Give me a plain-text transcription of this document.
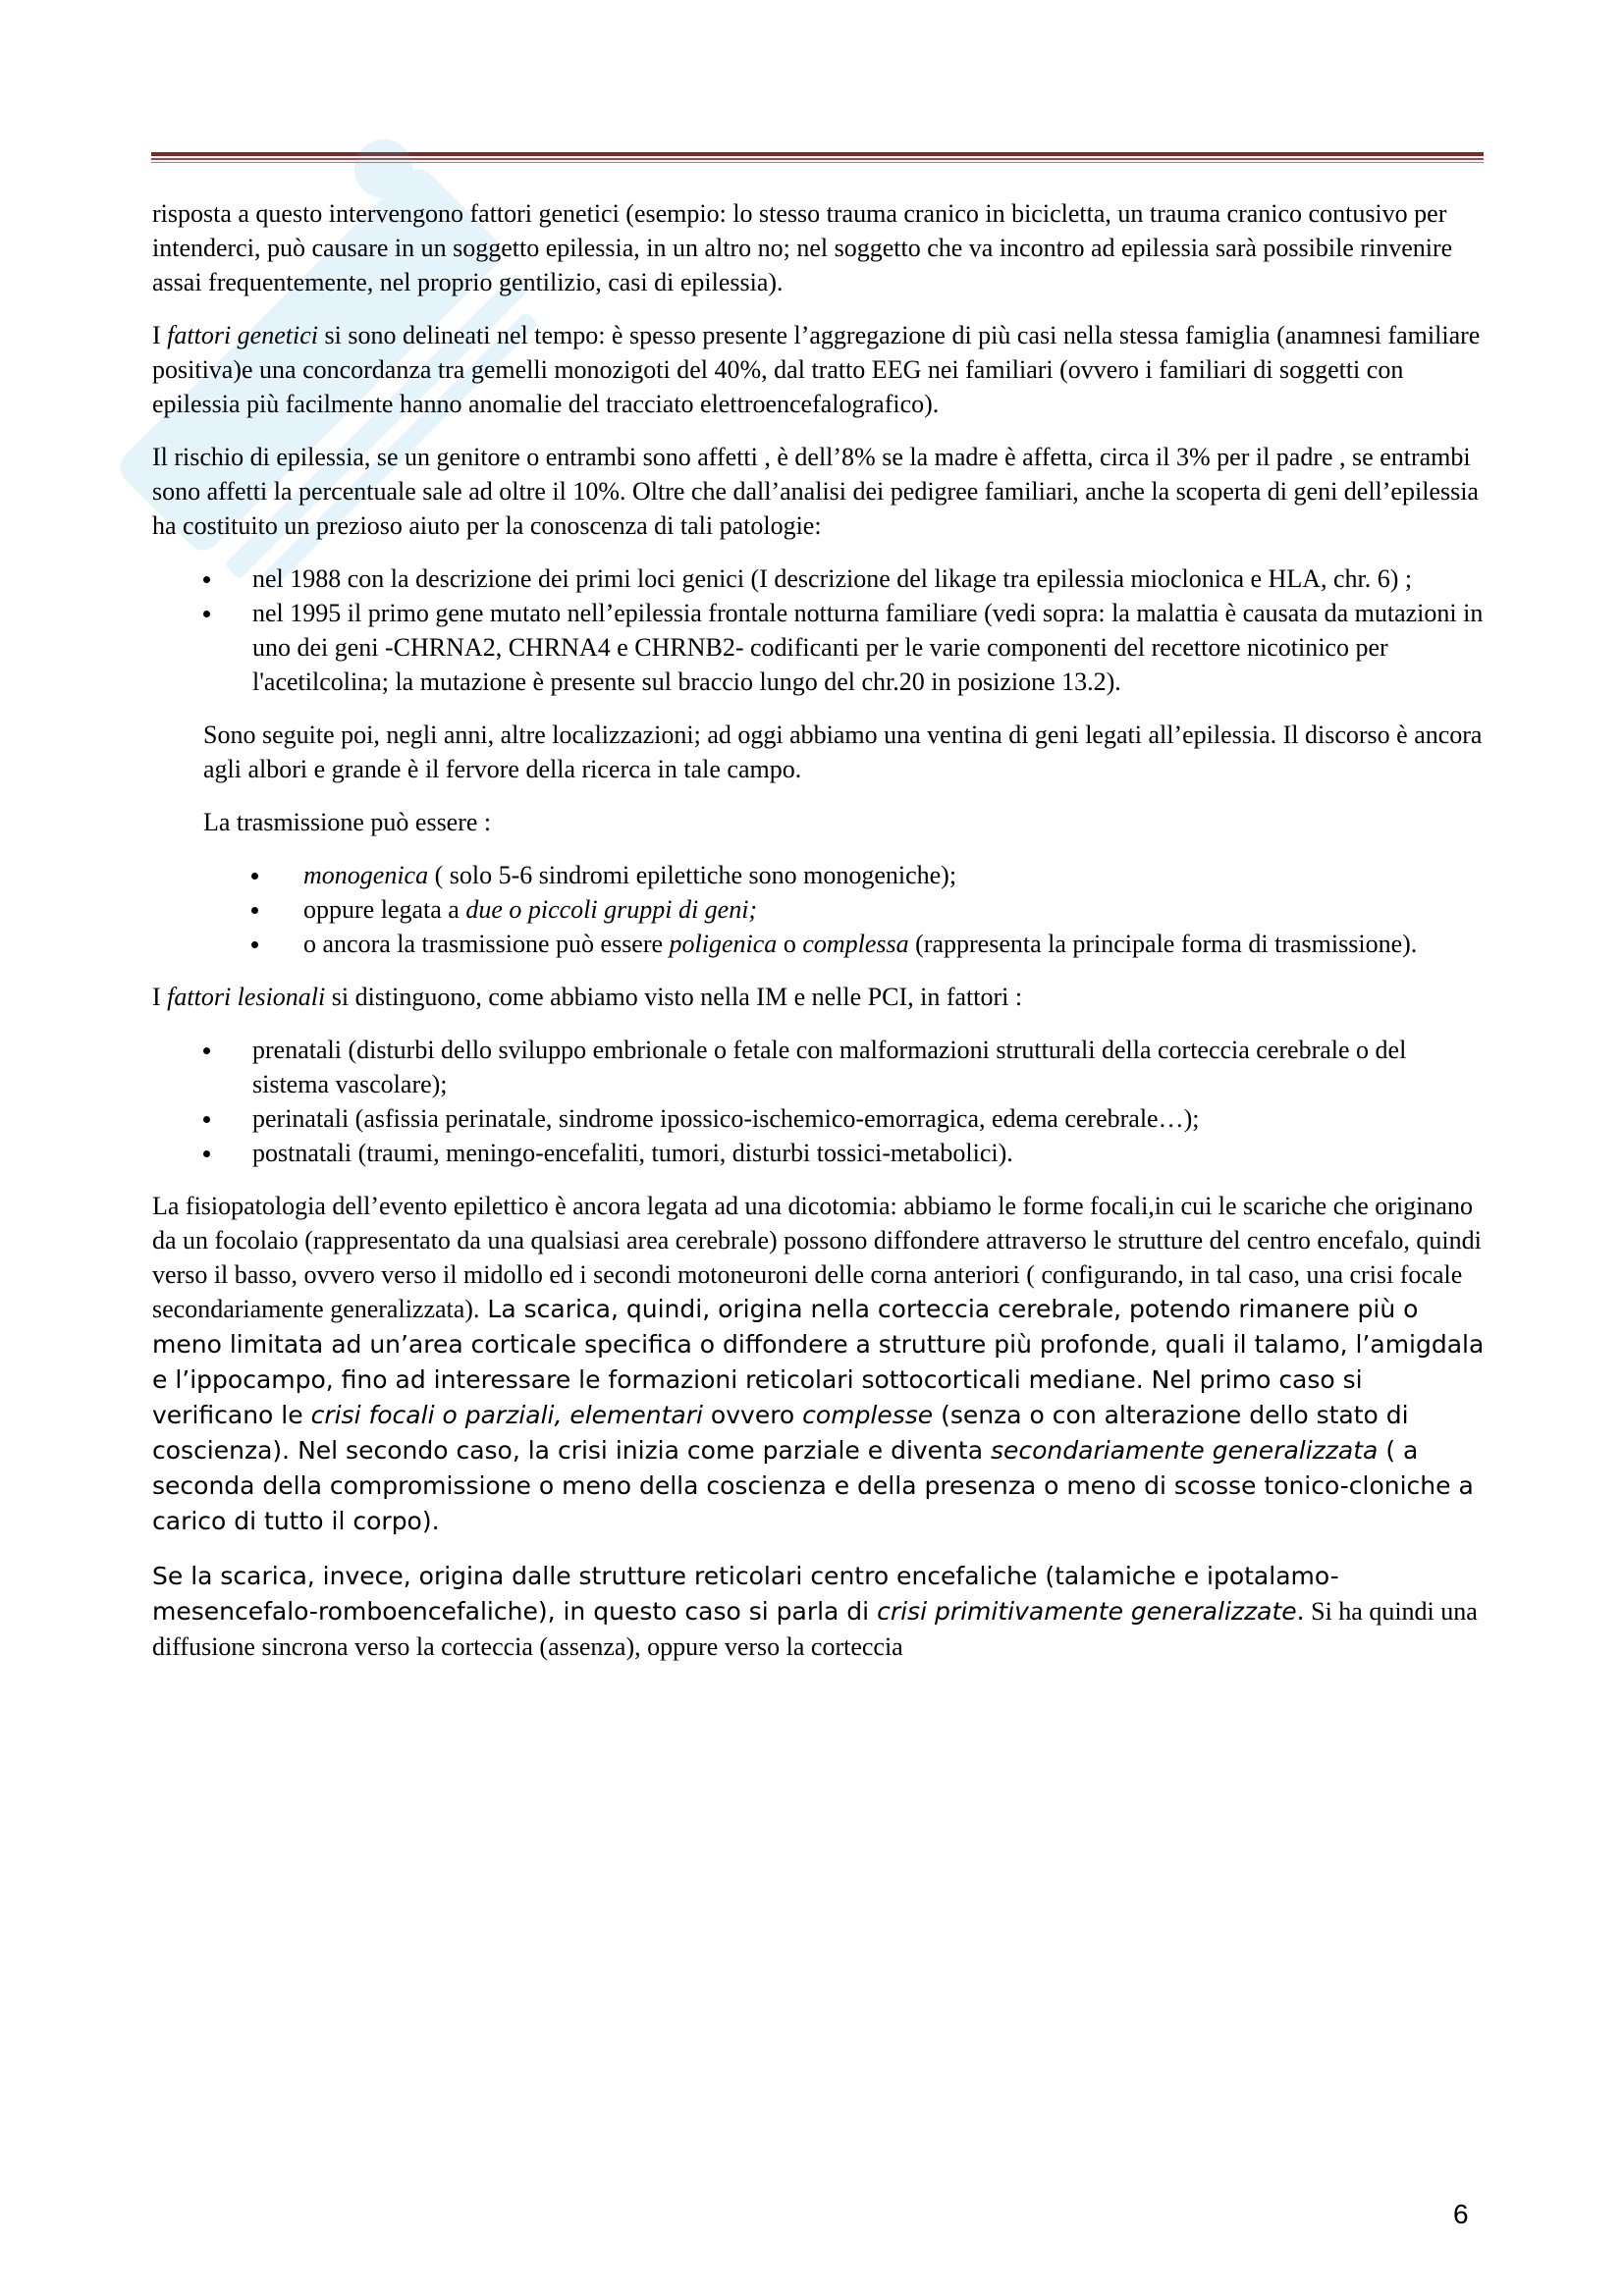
risposta a questo intervengono fattori genetici (esempio: lo stesso trauma cranico in bicicletta, un trauma cranico contusivo per intenderci, può causare in un soggetto epilessia, in un altro no; nel soggetto che va incontro ad epilessia sarà possibile rinvenire assai frequentemente, nel proprio gentilizio, casi di epilessia).

I fattori genetici si sono delineati nel tempo: è spesso presente l’aggregazione di più casi nella stessa famiglia (anamnesi familiare positiva)e una concordanza tra gemelli monozigoti del 40%, dal tratto EEG nei familiari (ovvero i familiari di soggetti con epilessia più facilmente hanno anomalie del tracciato elettroencefalografico).

Il rischio di epilessia, se un genitore o entrambi sono affetti , è dell’8% se la madre è affetta, circa il 3% per il padre , se entrambi sono affetti la percentuale sale ad oltre il 10%. Oltre che dall’analisi dei pedigree familiari, anche la scoperta di geni dell’epilessia ha costituito un prezioso aiuto per la conoscenza di tali patologie:

nel 1988 con la descrizione dei primi loci genici (I descrizione del likage tra epilessia mioclonica e HLA, chr. 6) ;
nel 1995 il primo gene mutato nell’epilessia frontale notturna familiare (vedi sopra: la malattia è causata da mutazioni in uno dei geni -CHRNA2, CHRNA4 e CHRNB2- codificanti per le varie componenti del recettore nicotinico per l'acetilcolina; la mutazione è presente sul braccio lungo del chr.20 in posizione 13.2).

Sono seguite poi, negli anni, altre localizzazioni; ad oggi abbiamo una ventina di geni legati all’epilessia. Il discorso è ancora agli albori e grande è il fervore della ricerca in tale campo.

La trasmissione può essere :

monogenica ( solo 5-6 sindromi epilettiche sono monogeniche);
oppure legata a due o piccoli gruppi di geni;
o ancora la trasmissione può essere poligenica o complessa (rappresenta la principale forma di trasmissione).

I fattori lesionali si distinguono, come abbiamo visto nella IM e nelle PCI, in fattori :

prenatali (disturbi dello sviluppo embrionale o fetale con malformazioni strutturali della corteccia cerebrale o del sistema vascolare);
perinatali (asfissia perinatale, sindrome ipossico-ischemico-emorragica, edema cerebrale…);
postnatali (traumi, meningo-encefaliti, tumori, disturbi tossici-metabolici).

La fisiopatologia dell’evento epilettico è ancora legata ad una dicotomia: abbiamo le forme focali,in cui le scariche che originano da un focolaio (rappresentato da una qualsiasi area cerebrale) possono diffondere attraverso le strutture del centro encefalo, quindi verso il basso, ovvero verso il midollo ed i secondi motoneuroni delle corna anteriori ( configurando, in tal caso, una crisi focale secondariamente generalizzata). La scarica, quindi, origina nella corteccia cerebrale, potendo rimanere più o meno limitata ad un’area corticale specifica o diffondere a strutture più profonde, quali il talamo, l’amigdala e l’ippocampo, fino ad interessare le formazioni reticolari sottocorticali mediane. Nel primo caso si verificano le crisi focali o parziali, elementari ovvero complesse (senza o con alterazione dello stato di coscienza). Nel secondo caso, la crisi inizia come parziale e diventa secondariamente generalizzata ( a seconda della compromissione o meno della coscienza e della presenza o meno di scosse tonico-cloniche a carico di tutto il corpo).

Se la scarica, invece, origina dalle strutture reticolari centro encefaliche (talamiche e ipotalamo-mesencefalo-romboencefaliche), in questo caso si parla di crisi primitivamente generalizzate. Si ha quindi una diffusione sincrona verso la corteccia (assenza), oppure verso la corteccia

6
